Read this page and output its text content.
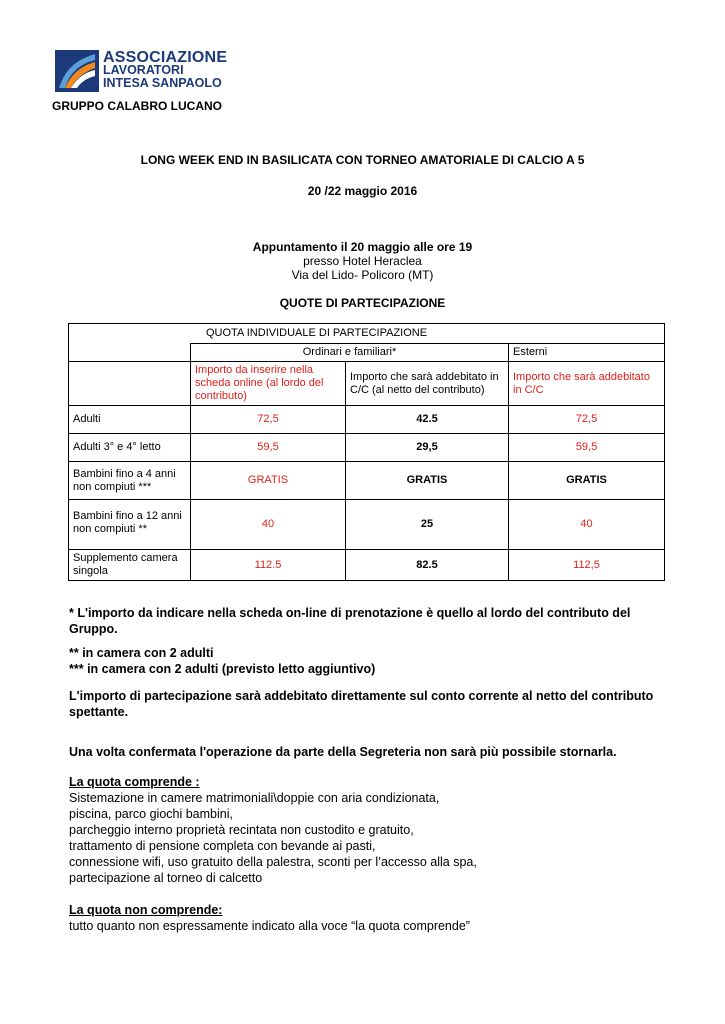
ASSOCIAZIONE
LAVORATORI
INTESA SANPAOLO
GRUPPO CALABRO LUCANO
LONG WEEK END IN BASILICATA CON TORNEO AMATORIALE DI CALCIO A 5
20 /22 maggio 2016
Appuntamento il 20 maggio alle ore 19
presso Hotel Heraclea
Via del Lido- Policoro (MT)
QUOTE DI PARTECIPAZIONE
QUOTA INDIVIDUALE DI PARTECIPAZIONE			
	Ordinari e familiari*		Esterni
	Importo da inserire nella scheda online (al lordo del contributo)	Importo che sarà addebitato in C/C (al netto del contributo)	Importo che sarà addebitato in C/C
Adulti	72,5	42.5	72,5
Adulti 3° e 4° letto	59,5	29,5	59,5
Bambini fino a 4 anni non compiuti ***	GRATIS	GRATIS	GRATIS
Bambini fino a 12 anni non compiuti **	40	25	40
Supplemento camera singola	112.5	82.5	112,5
* L'importo da indicare nella scheda on-line di prenotazione è quello al lordo del contributo del Gruppo.
** in camera con 2 adulti
*** in camera con 2 adulti (previsto letto aggiuntivo)
L'importo di partecipazione sarà addebitato direttamente sul conto corrente al netto del contributo spettante.
Una volta confermata l'operazione da parte della Segreteria non sarà più possibile stornarla.
La quota comprende :
Sistemazione in camere matrimoniali\doppie con aria condizionata,
piscina, parco giochi bambini,
parcheggio interno proprietà recintata non custodito e gratuito,
trattamento di pensione completa con bevande ai pasti,
connessione wifi, uso gratuito della palestra, sconti per l’accesso alla spa,
partecipazione al torneo di calcetto
La quota non comprende:
tutto quanto non espressamente indicato alla voce “la quota comprende”
